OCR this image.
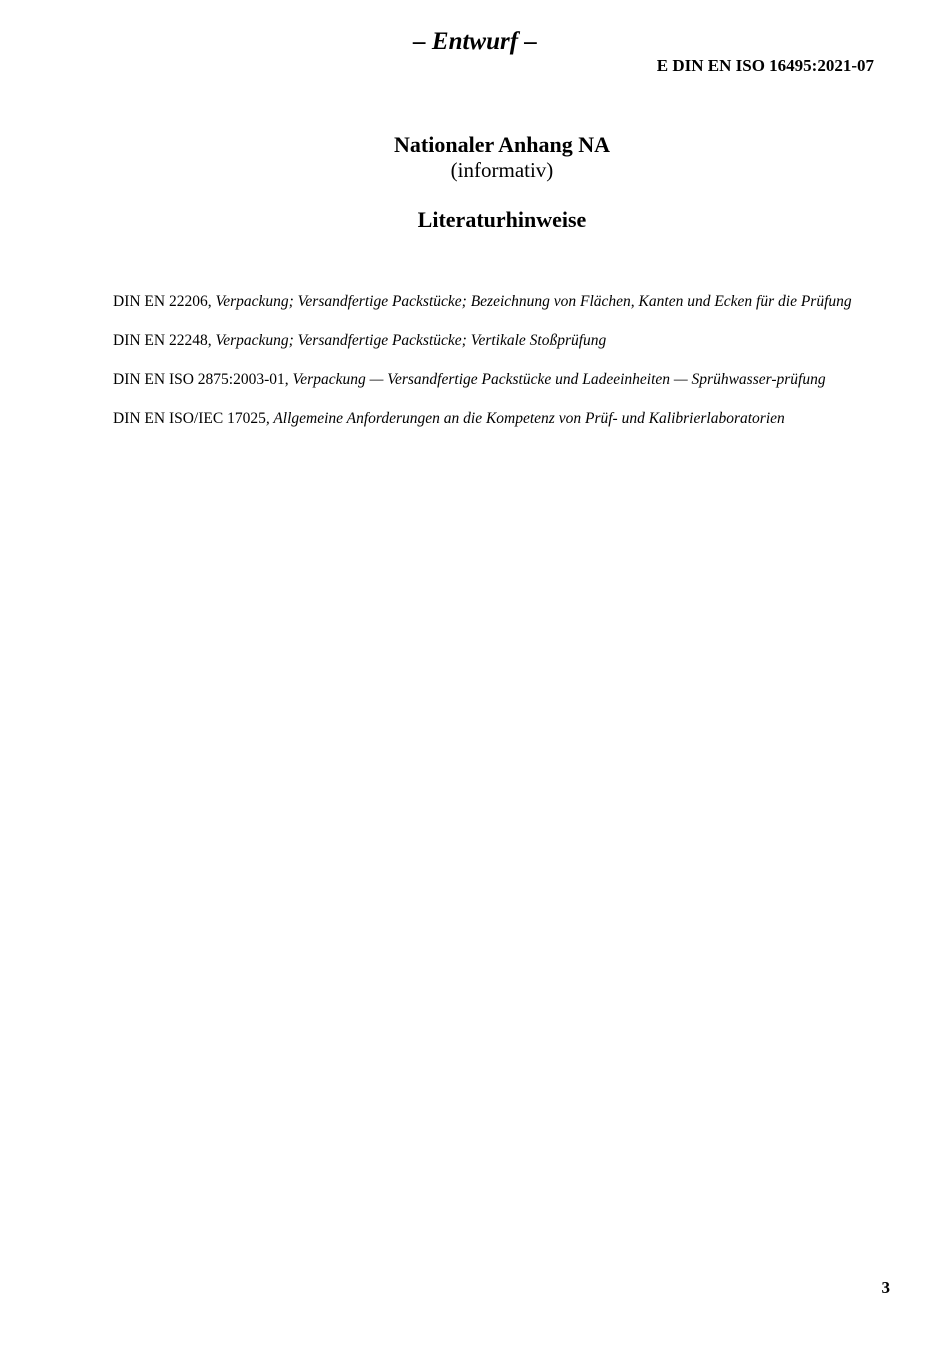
– Entwurf –
E DIN EN ISO 16495:2021-07
Nationaler Anhang NA
(informativ)
Literaturhinweise

DIN EN 22206, Verpackung; Versandfertige Packstücke; Bezeichnung von Flächen, Kanten und Ecken für die Prüfung

DIN EN 22248, Verpackung; Versandfertige Packstücke; Vertikale Stoßprüfung

DIN EN ISO 2875:2003-01, Verpackung — Versandfertige Packstücke und Ladeeinheiten — Sprühwasser-prüfung

DIN EN ISO/IEC 17025, Allgemeine Anforderungen an die Kompetenz von Prüf- und Kalibrierlaboratorien

3
